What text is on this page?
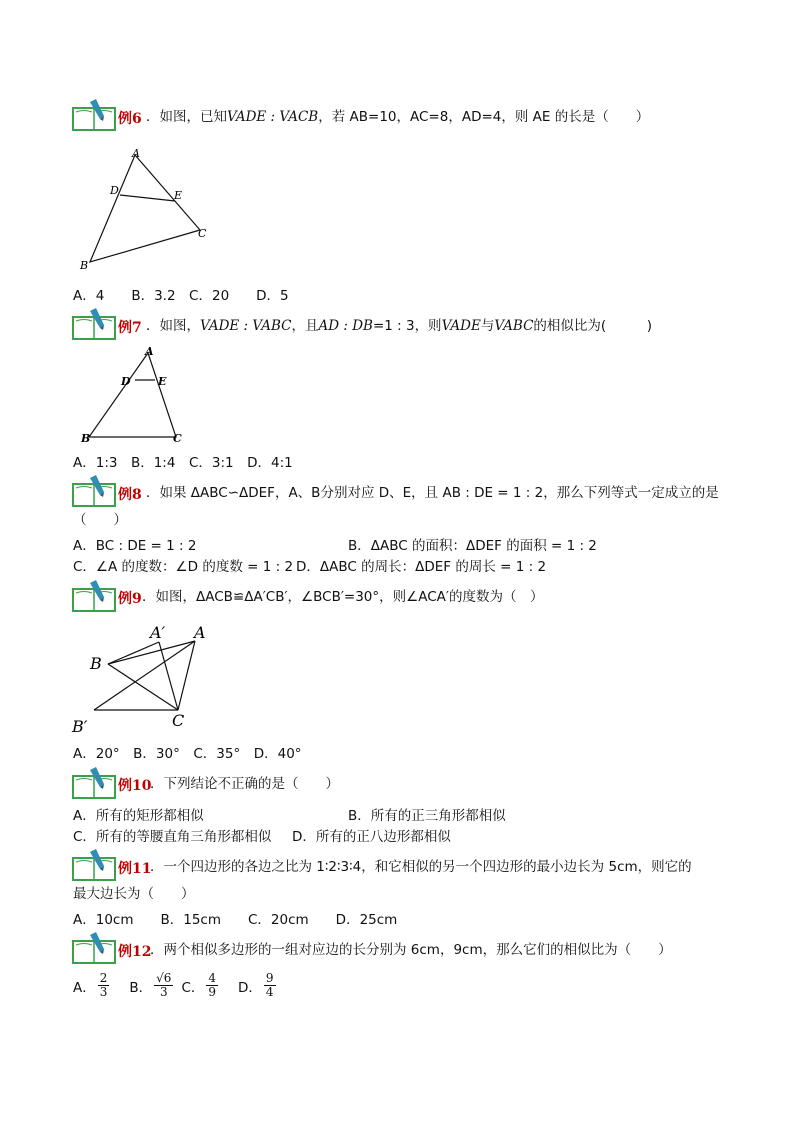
例6 ．如图，已知VADE : VACB，若 AB=10，AC=8，AD=4，则 AE 的长是（　　）
A
D	E
C
B
A．4　　B．3.2　C．20　　D．5
例7 ．如图，VADE : VABC，且AD : DB=1 : 3，则VADE与VABC的相似比为(　　　)
A
D E
B	C
A．1:3　B．1:4　C．3:1　D．4:1
例8 ．如果 ΔABC∽ΔDEF，A、B分别对应 D、E，且 AB : DE = 1 : 2，那么下列等式一定成立的是
（　　）
A．BC : DE = 1 : 2	B．ΔABC 的面积：ΔDEF 的面积 = 1 : 2
C．∠A 的度数：∠D 的度数 = 1 : 2 D．ΔABC 的周长：ΔDEF 的周长 = 1 : 2
例9 ．如图，ΔACB≌ΔA′CB′，∠BCB′=30°，则∠ACA′的度数为（　）
A′ A
B
B′	C
A．20°　B．30°　C．35°　D．40°
例10
．下列结论不正确的是（　　）
A．所有的矩形都相似	B．所有的正三角形都相似
C．所有的等腰直角三角形都相似 D．所有的正八边形都相似
例11
．一个四边形的各边之比为 1∶2∶3∶4，和它相似的另一个四边形的最小边长为 5cm，则它的
最大边长为（　　）
A．10cm　　B．15cm　　C．20cm　　D．25cm
例12
．两个相似多边形的一组对应边的长分别为 6cm，9cm，那么它们的相似比为（　　）
A． $\frac{2}{3}$ B． $\frac{√6}{3}$ C． $\frac{4}{9}$ D． $\frac{9}{4}$
